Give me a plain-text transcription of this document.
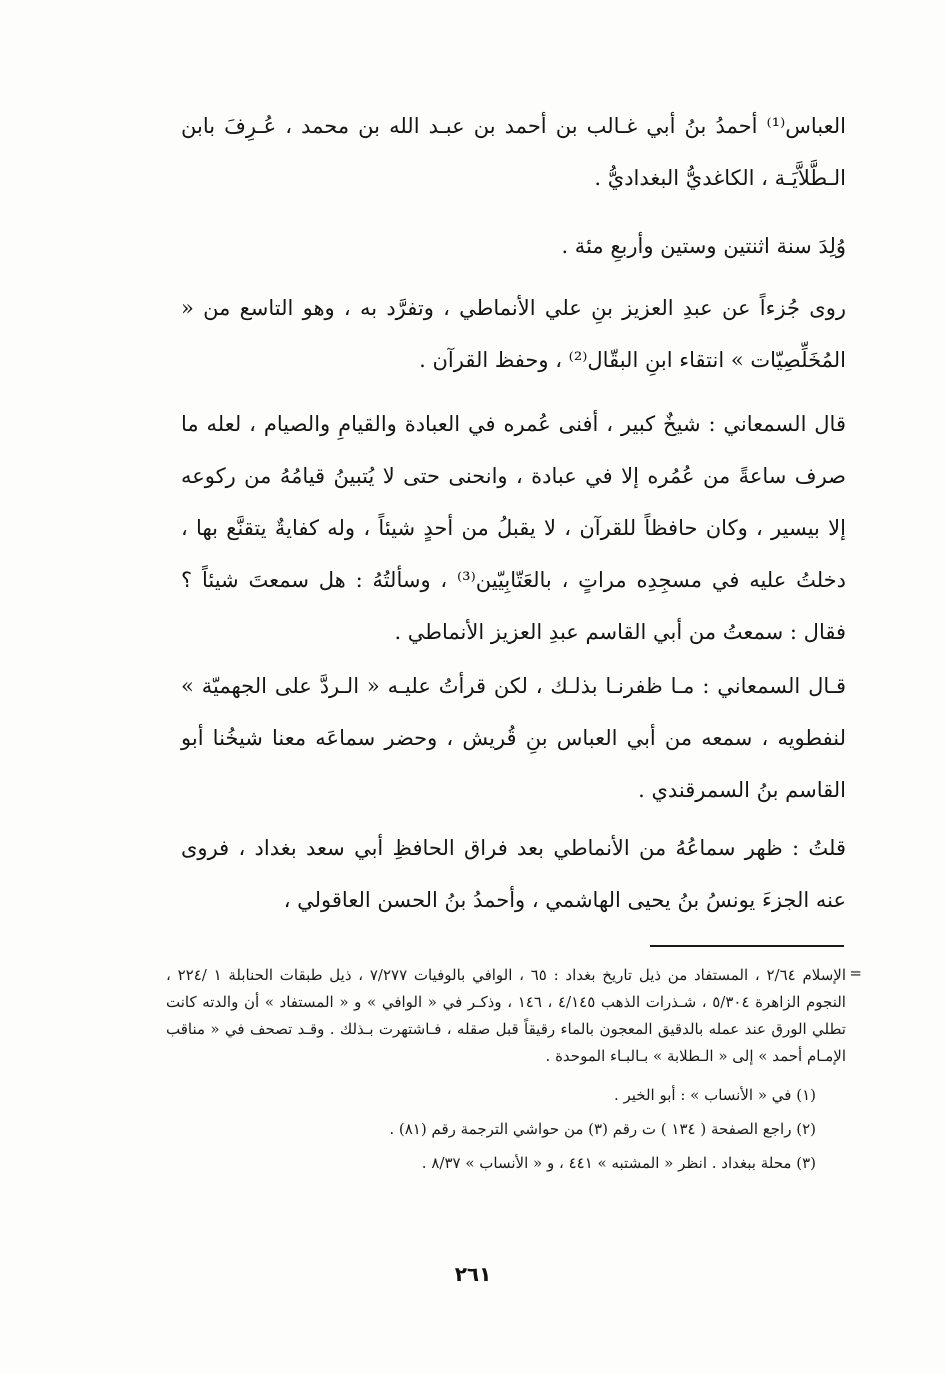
العباس⁽¹⁾ أحمدُ بنُ أبي غـالب بن أحمد بن عبـد الله بن محمد ، عُـرِفَ بابن الـطَّلاَّيَـة ، الكاغديُّ البغداديُّ .

وُلِدَ سنة اثنتين وستين وأربعِ مئة .

روى جُزءاً عن عبدِ العزيز بنِ علي الأنماطي ، وتفرَّد به ، وهو التاسع من « المُخَلِّصِيّات » انتقاء ابنِ البقّال⁽²⁾ ، وحفظ القرآن .

قال السمعاني : شيخٌ كبير ، أفنى عُمره في العبادة والقيامِ والصيام ، لعله ما صرف ساعةً من عُمُره إلا في عبادة ، وانحنى حتى لا يُتبينُ قيامُهُ من ركوعه إلا بيسير ، وكان حافظاً للقرآن ، لا يقبلُ من أحدٍ شيئاً ، وله كفايةٌ يتقنَّع بها ، دخلتُ عليه في مسجِدِه مراتٍ ، بالعَتّابِيّين⁽³⁾ ، وسألتُهُ : هل سمعتَ شيئاً ؟ فقال : سمعتُ من أبي القاسم عبدِ العزيز الأنماطي .

قـال السمعاني : مـا ظفرنـا بذلـك ، لكن قرأتُ عليـه « الـردَّ على الجهميّة » لنفطويه ، سمعه من أبي العباس بنِ قُريش ، وحضر سماعَه معنا شيخُنا أبو القاسم بنُ السمرقندي .

قلتُ : ظهر سماعُهُ من الأنماطي بعد فراق الحافظِ أبي سعد بغداد ، فروى عنه الجزءَ يونسُ بنُ يحيى الهاشمي ، وأحمدُ بنُ الحسن العاقولي ،

=

الإسلام ٢/٦٤ ، المستفاد من ذيل تاريخ بغداد : ٦٥ ، الوافي بالوفيات ٧/٢٧٧ ، ذيل طبقات الحنابلة ١ /٢٢٤ ، النجوم الزاهرة ٥/٣٠٤ ، شـذرات الذهب ٤/١٤٥ ، ١٤٦ ، وذكـر في « الوافي » و « المستفاد » أن والدته كانت تطلي الورق عند عمله بالدقيق المعجون بالماء رقيقاً قبل صقله ، فـاشتهرت بـذلك . وقـد تصحف في « مناقب الإمـام أحمد » إلى « الـطلابة » بـالبـاء الموحدة .

(١) في « الأنساب » : أبو الخير .

(٢) راجع الصفحة ( ١٣٤ ) ت رقم (٣) من حواشي الترجمة رقم (٨١) .

(٣) محلة ببغداد . انظر « المشتبه » ٤٤١ ، و « الأنساب » ٨/٣٧ .

٢٦١
